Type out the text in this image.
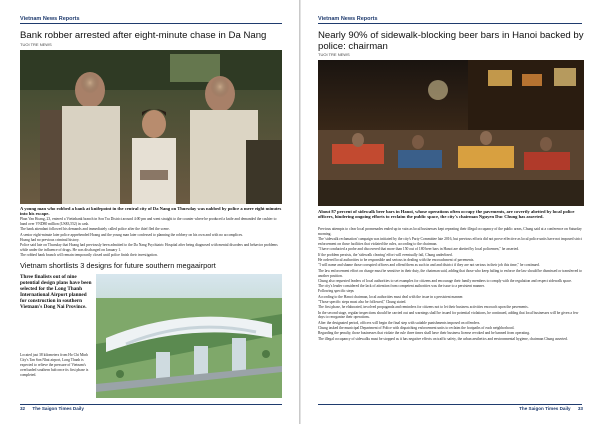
Vietnam News Reports
Bank robber arrested after eight-minute chase in Da Nang
TUOI TRE NEWS
A young man who robbed a bank at knifepoint in the central city of Da Nang on Thursday was nabbed by police a mere eight minutes into his escape.

Phan Van Hoang, 23, entered a Vietinbank branch in Son Tra District around 4:00 pm and went straight to the counter where he produced a knife and demanded the cashier to hand over VND80 million (US$3,552) in cash.

The bank attendant followed his demands and immediately called police after the thief fled the scene.

A senior eight-minute later police apprehended Hoang and the young man later confessed to planning the robbery on his own and with no accomplices.

Hoang had no previous criminal history.

Police said late on Thursday that Hoang had previously been admitted to the Da Nang Psychiatric Hospital after being diagnosed with mental disorders and behavior problems while under the influence of drugs. He was discharged on January 1.

The robbed bank branch will remain temporarily closed until police finish their investigation.

Vietnam shortlists 3 designs for future southern megaairport
Three finalists out of nine potential design plans have been selected for the Long Thanh International Airport planned for construction in southern Vietnam's Dong Nai Province.
Located just 38 kilometers from Ho Chi Minh City's Tan Son Nhat airport, Long Thanh is expected to relieve the pressure of Vietnam's overloaded southern hub once its first phase is completed.
32 The Saigon Times Daily
Vietnam News Reports
Nearly 90% of sidewalk-blocking beer bars in Hanoi backed by police: chairman
TUOI TRE NEWS
About 87 percent of sidewalk beer bars in Hanoi, whose operations often occupy the pavements, are covertly abetted by local police officers, hindering ongoing efforts to reclaim the public space, the city's chairman Nguyen Duc Chung has asserted.

Previous attempts to clear local promenades ended up in vain as local businesses kept repeating their illegal occupancy of the public areas, Chung said at a conference on Saturday morning.

The 'sidewalk reclamation' campaign was initiated by the city's Party Committee late 2016, but previous efforts did not prove effective as local police units have not imposed strict enforcement on those facilities that violated the rules, according to the chairman.

"I have conducted a probe and discovered that more than 150 out of 180 beer bars in Hanoi are abetted by local policemen," he asserted.

If the problem persists, the 'sidewalk clearing' effort will eventually fail, Chung underlined.

He ordered local authorities to be responsible and serious in dealing with the encroachment of pavements.

"I will name and shame those corrupted officers and offend them as such in and and district if they are not serious in their job this time," he continued.

The law enforcement effort on charge must be sensitive in their duty, the chairman said, adding that those who keep failing to enforce the law should be dismissed or transferred to another position.

Chung also requested leaders of local authorities to set examples for citizens and encourage their family members to comply with the regulation and respect sidewalk space.

The city's leader considered the lack of attention from competent authorities was the issue to a persistent manner.

Following specific steps

According to the Hanoi chairman, local authorities must deal with the issue in a persistent manner.

"Those specific steps must also be followed," Chung stated.

The first phase, he elaborated, involved propaganda and reminders for citizens not to let their business activities encroach upon the pavements.

In the second stage, regular inspections should be carried out and warnings shall be issued for potential violations, he continued, adding that local businesses will be given a few days to reorganize their operations.

After the designated period, officers will begin the final step with suitable punishments imposed on offenders.

Chung tasked the municipal Department of Police with dispatching enforcement units to reclaim the footpaths of each neighborhood.

Regarding the penalty, those businesses that violate the rule three times shall have their business license revoked and be banned from operating.

The illegal occupancy of sidewalks must be stopped as it has negative effects on traffic safety, the urban aesthetics and environmental hygiene, chairman Chung asserted.

The Saigon Times Daily 33
